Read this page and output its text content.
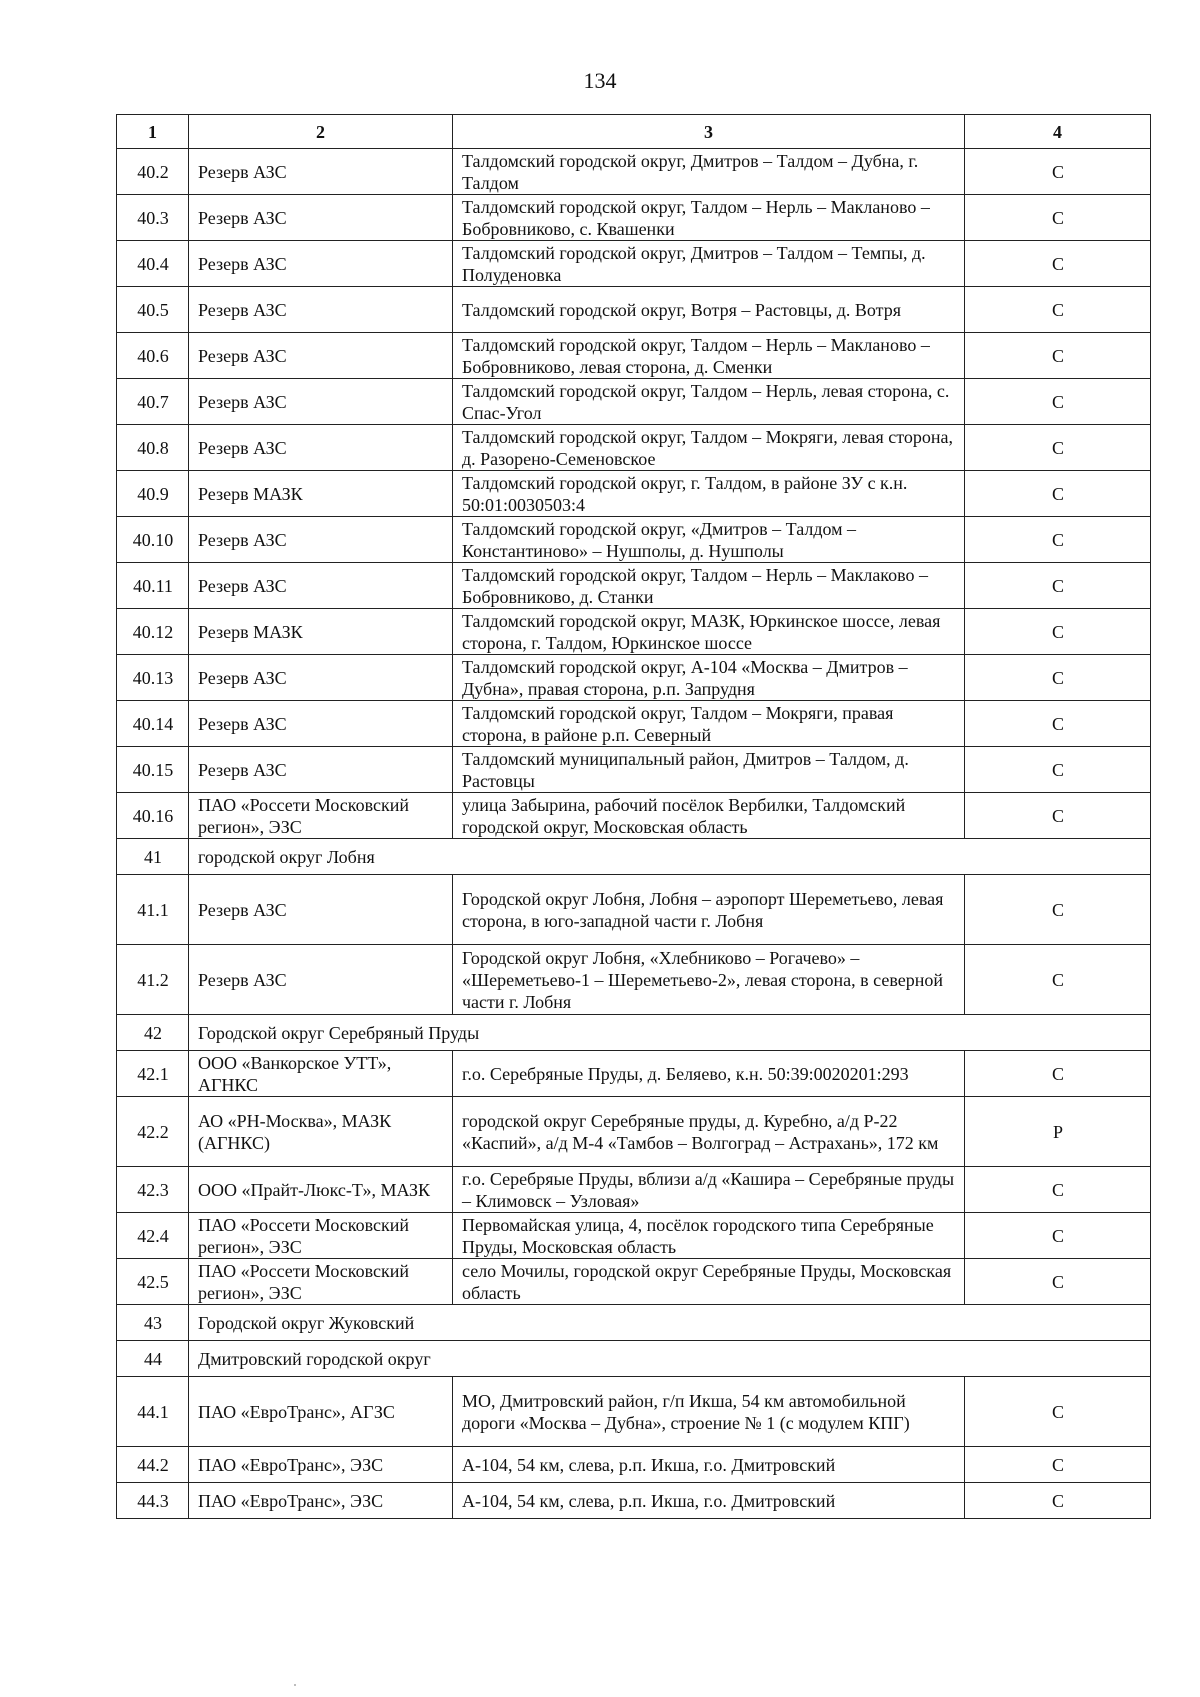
134
1	2	3	4
40.2	Резерв АЗС	Талдомский городской округ, Дмитров – Талдом – Дубна, г. Талдом	С
40.3	Резерв АЗС	Талдомский городской округ, Талдом – Нерль – Макланово – Бобровниково, с. Квашенки	С
40.4	Резерв АЗС	Талдомский городской округ, Дмитров – Талдом – Темпы, д. Полуденовка	С
40.5	Резерв АЗС	Талдомский городской округ, Вотря – Растовцы, д. Вотря	С
40.6	Резерв АЗС	Талдомский городской округ, Талдом – Нерль – Макланово – Бобровниково, левая сторона, д. Сменки	С
40.7	Резерв АЗС	Талдомский городской округ, Талдом – Нерль, левая сторона, с. Спас-Угол	С
40.8	Резерв АЗС	Талдомский городской округ, Талдом – Мокряги, левая сторона, д. Разорено-Семеновское	С
40.9	Резерв МАЗК	Талдомский городской округ, г. Талдом, в районе ЗУ с к.н. 50:01:0030503:4	С
40.10	Резерв АЗС	Талдомский городской округ, «Дмитров – Талдом – Константиново» – Нушполы, д. Нушполы	С
40.11	Резерв АЗС	Талдомский городской округ, Талдом – Нерль – Маклаково – Бобровниково, д. Станки	С
40.12	Резерв МАЗК	Талдомский городской округ, МАЗК, Юркинское шоссе, левая сторона, г. Талдом, Юркинское шоссе	С
40.13	Резерв АЗС	Талдомский городской округ, А-104 «Москва – Дмитров – Дубна», правая сторона, р.п. Запрудня	С
40.14	Резерв АЗС	Талдомский городской округ, Талдом – Мокряги, правая сторона, в районе р.п. Северный	С
40.15	Резерв АЗС	Талдомский муниципальный район, Дмитров – Талдом, д. Растовцы	С
40.16	ПАО «Россети Московский регион», ЭЗС	улица Забырина, рабочий посёлок Вербилки, Талдомский городской округ, Московская область	С
41	городской округ Лобня		
41.1	Резерв АЗС	Городской округ Лобня, Лобня – аэропорт Шереметьево, левая сторона, в юго-западной части г. Лобня	С
41.2	Резерв АЗС	Городской округ Лобня, «Хлебниково – Рогачево» – «Шереметьево-1 – Шереметьево-2», левая сторона, в северной части г. Лобня	С
42	Городской округ Серебряный Пруды		
42.1	ООО «Ванкорское УТТ», АГНКС	г.о. Серебряные Пруды, д. Беляево, к.н. 50:39:0020201:293	С
42.2	АО «РН-Москва», МАЗК (АГНКС)	городской округ Серебряные пруды, д. Куребно, а/д Р-22 «Каспий», а/д М-4 «Тамбов – Волгоград – Астрахань», 172 км	Р
42.3	ООО «Прайт-Люкс-Т», МАЗК	г.о. Серебряые Пруды, вблизи а/д «Кашира – Серебряные пруды – Климовск – Узловая»	С
42.4	ПАО «Россети Московский регион», ЭЗС	Первомайская улица, 4, посёлок городского типа Серебряные Пруды, Московская область	С
42.5	ПАО «Россети Московский регион», ЭЗС	село Мочилы, городской округ Серебряные Пруды, Московская область	С
43	Городской округ Жуковский		
44	Дмитровский городской округ		
44.1	ПАО «ЕвроТранс», АГЗС	МО, Дмитровский район, г/п Икша, 54 км автомобильной дороги «Москва – Дубна», строение № 1 (с модулем КПГ)	С
44.2	ПАО «ЕвроТранс», ЭЗС	А-104, 54 км, слева, р.п. Икша, г.о. Дмитровский	С
44.3	ПАО «ЕвроТранс», ЭЗС	А-104, 54 км, слева, р.п. Икша, г.о. Дмитровский	С
